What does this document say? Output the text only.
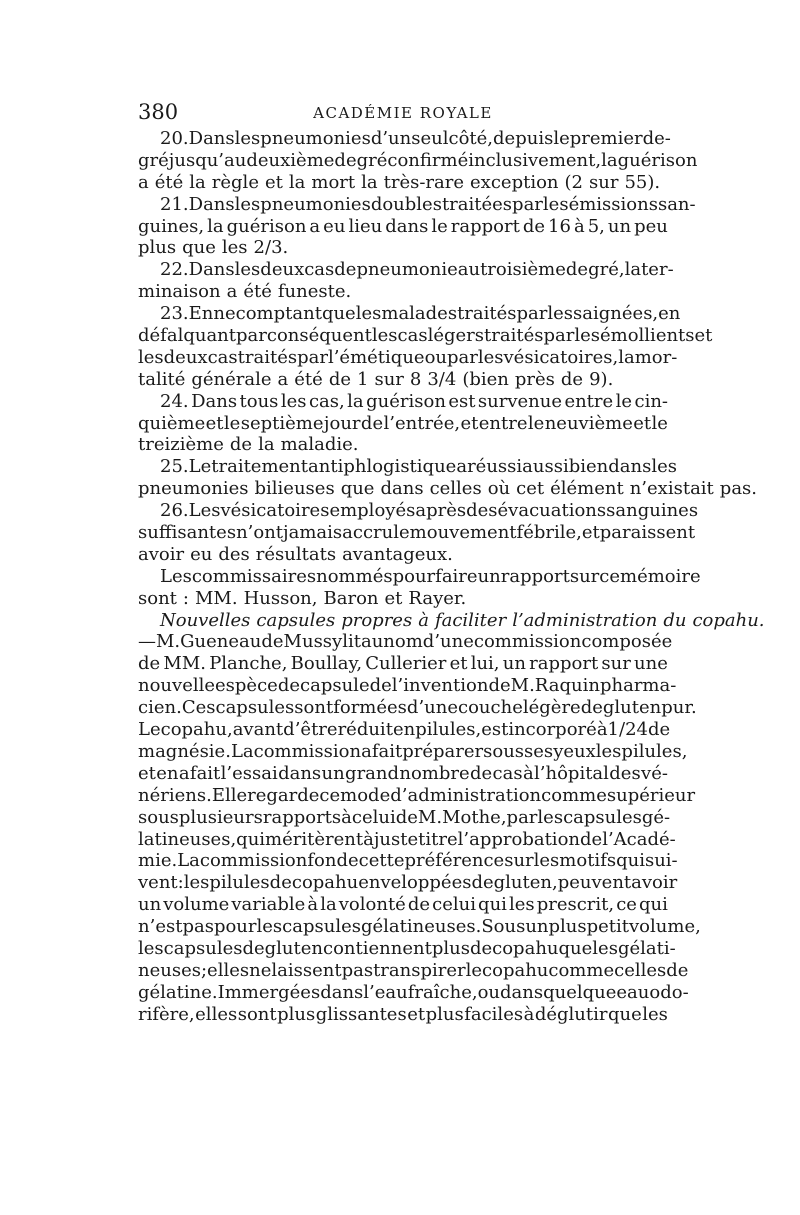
380	ACADÉMIE ROYALE
20. Dans les pneumonies d’un seul côté, depuis le premier de-
gré jusqu’au deuxième degré confirmé inclusivement, la guérison
a été la règle et la mort la très-rare exception (2 sur 55).
21. Dans les pneumonies doubles traitées par les émissions san-
guines, la guérison a eu lieu dans le rapport de 16 à 5, un peu
plus que les 2/3.
22. Dans les deux cas de pneumonie au troisième degré, la ter-
minaison a été funeste.
23. En ne comptant que les malades traités par les saignées, en
défalquant par conséquent les cas légers traités par les émollients et
les deux cas traités par l’émétique ou par les vésicatoires, la mor-
talité générale a été de 1 sur 8 3/4 (bien près de 9).
24. Dans tous les cas, la guérison est survenue entre le cin-
quième et le septième jour de l’entrée, et entre le neuvième et le
treizième de la maladie.
25. Le traitement antiphlogistique a réussi aussi bien dans les
pneumonies bilieuses que dans celles où cet élément n’existait pas.
26. Les vésicatoires employés après des évacuations sanguines
suffisantes n’ont jamais accru le mouvement fébrile, et paraissent
avoir eu des résultats avantageux.
Les commissaires nommés pour faire un rapport sur ce mémoire
sont : MM. Husson, Baron et Rayer.
Nouvelles capsules propres à faciliter l’administration du copahu.
— M. Gueneau de Mussy lit au nom d’une commission composée
de MM. Planche, Boullay, Cullerier et lui, un rapport sur une
nouvelle espèce de capsule de l’invention de M. Raquin pharma-
cien. Ces capsules sont formées d’une couche légère de gluten pur.
Le copahu, avant d’être réduit en pilules, est incorporé à 1/24 de
magnésie. La commission a fait préparer sous ses yeux les pilules,
et en a fait l’essai dans un grand nombre de cas à l’hôpital des vé-
nériens. Elle regarde ce mode d’administration comme supérieur
sous plusieurs rapports à celui de M. Mothe, par les capsules gé-
latineuses, qui méritèrent à juste titre l’approbation de l’Acadé-
mie. La commission fonde cette préférence sur les motifs qui sui-
vent : les pilules de copahu enveloppées de gluten, peuvent avoir
un volume variable à la volonté de celui qui les prescrit, ce qui
n’est pas pour les capsules gélatineuses. Sous un plus petit volume,
les capsules de gluten contiennent plus de copahu que les gélati-
neuses ; elles ne laissent pas transpirer le copahu comme celles de
gélatine. Immergées dans l’eau fraîche, ou dans quelque eau odo-
rifère, elles sont plus glissantes et plus faciles à déglutir que les
